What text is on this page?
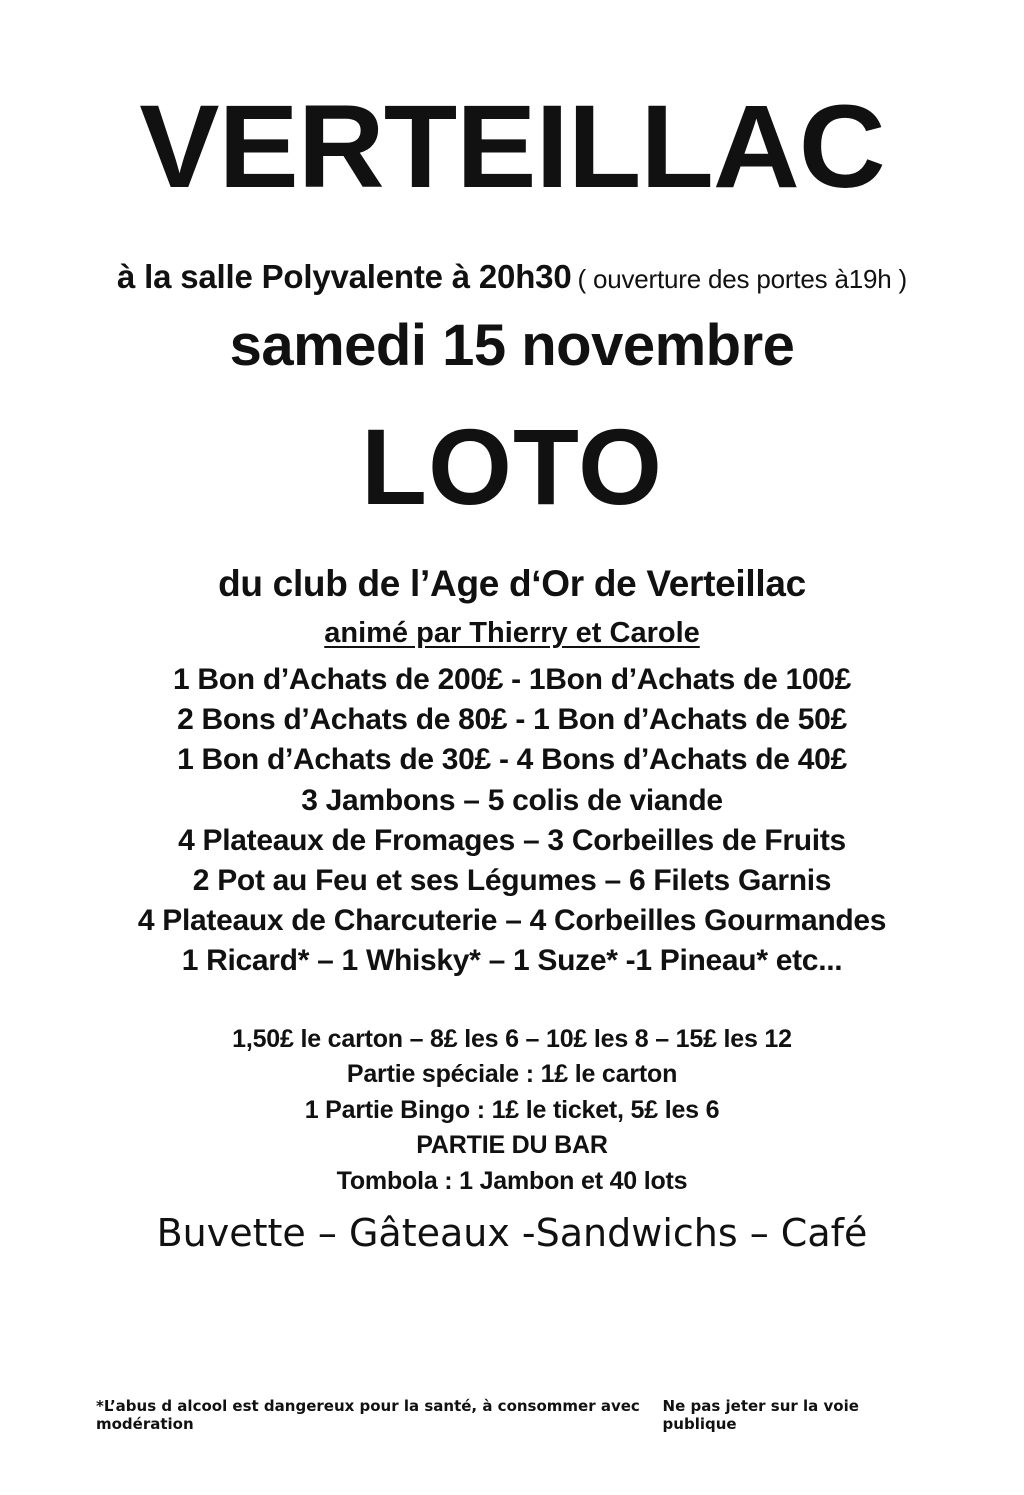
VERTEILLAC
à la salle Polyvalente à 20h30 ( ouverture des portes à19h )
samedi 15 novembre
LOTO
du club de l’Age d‘Or de Verteillac
animé par Thierry et Carole
1 Bon d’Achats de 200£ - 1Bon d’Achats de 100£
2 Bons d’Achats de 80£ - 1 Bon d’Achats de 50£
1 Bon d’Achats de 30£ - 4 Bons d’Achats de 40£
3 Jambons – 5 colis de viande
4 Plateaux de Fromages – 3 Corbeilles de Fruits
2 Pot au Feu et ses Légumes – 6 Filets Garnis
4 Plateaux de Charcuterie – 4 Corbeilles Gourmandes
1 Ricard* – 1 Whisky* – 1 Suze* -1 Pineau* etc...
1,50£ le carton – 8£ les 6 – 10£ les 8 – 15£ les 12
Partie spéciale : 1£ le carton
1 Partie Bingo : 1£ le ticket, 5£ les 6
PARTIE DU BAR
Tombola : 1 Jambon et 40 lots
Buvette – Gâteaux -Sandwichs – Café
*L’abus d alcool est dangereux pour la santé, à consommer avec modération
Ne pas jeter sur la voie publique
